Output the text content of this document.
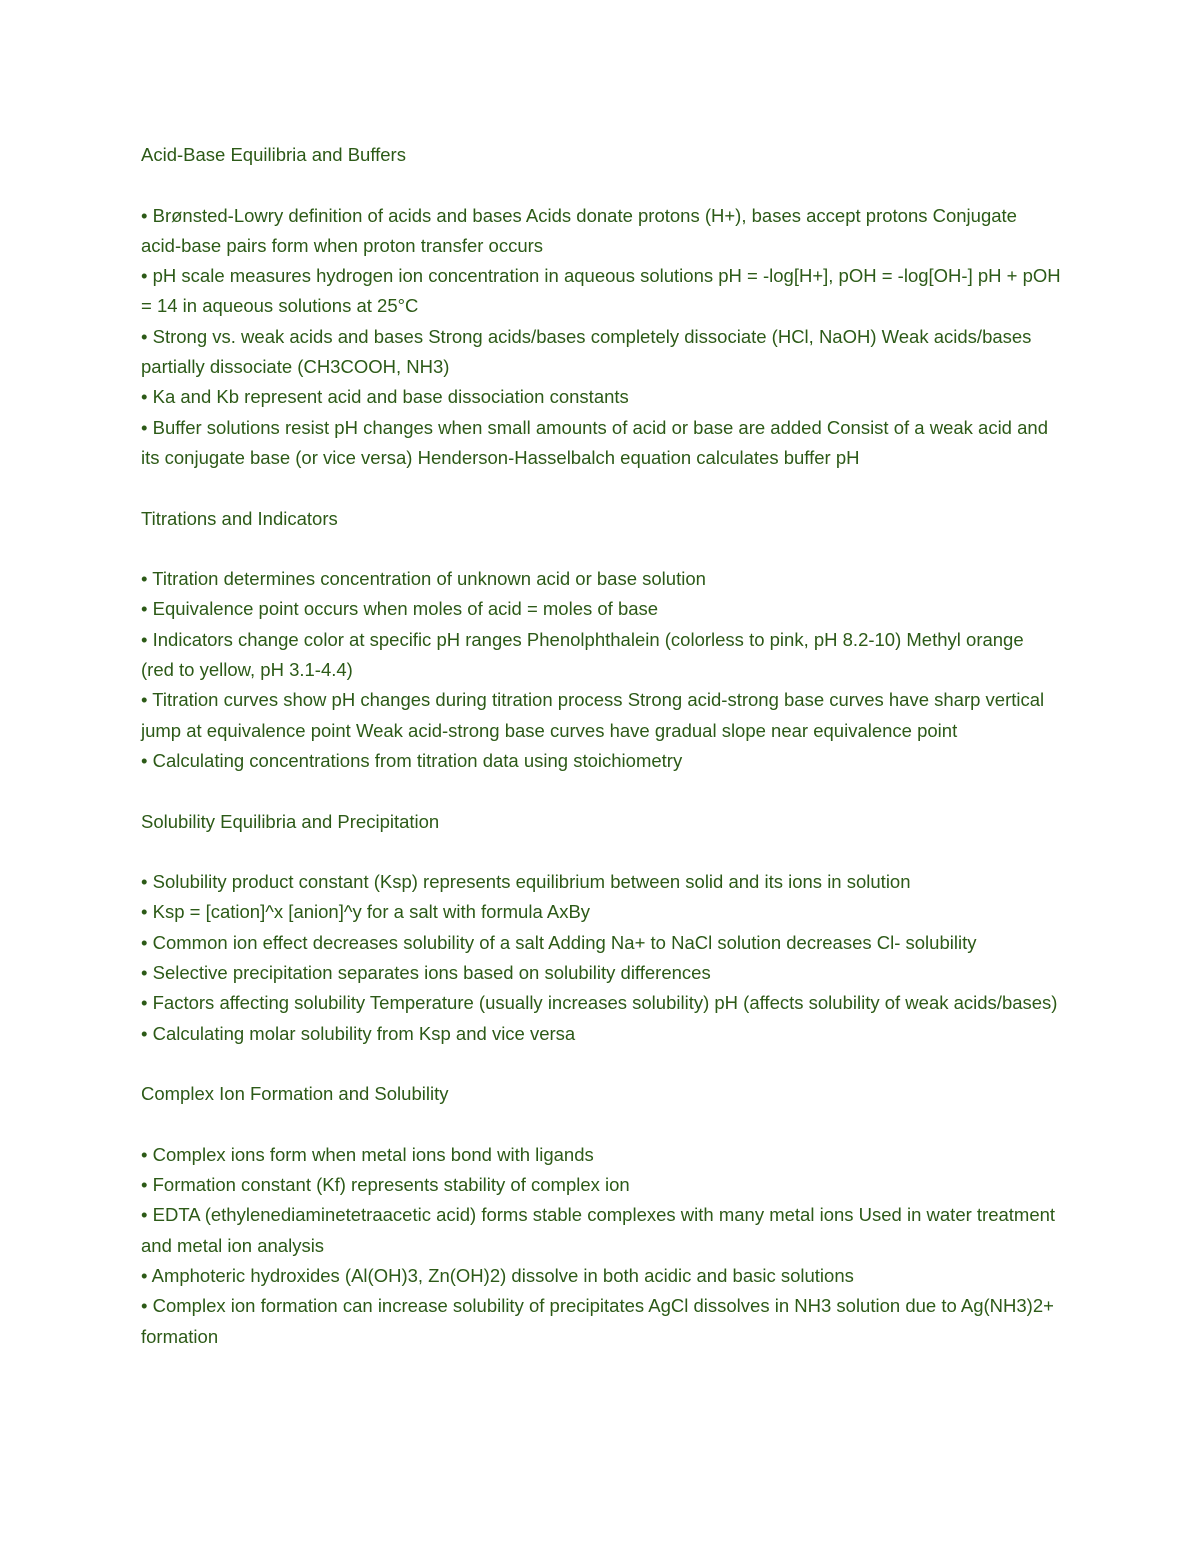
Acid-Base Equilibria and Buffers
• Brønsted-Lowry definition of acids and bases Acids donate protons (H+), bases accept protons Conjugate acid-base pairs form when proton transfer occurs
• pH scale measures hydrogen ion concentration in aqueous solutions pH = -log[H+], pOH = -log[OH-] pH + pOH = 14 in aqueous solutions at 25°C
• Strong vs. weak acids and bases Strong acids/bases completely dissociate (HCl, NaOH) Weak acids/bases partially dissociate (CH3COOH, NH3)
• Ka and Kb represent acid and base dissociation constants
• Buffer solutions resist pH changes when small amounts of acid or base are added Consist of a weak acid and its conjugate base (or vice versa) Henderson-Hasselbalch equation calculates buffer pH
Titrations and Indicators
• Titration determines concentration of unknown acid or base solution
• Equivalence point occurs when moles of acid = moles of base
• Indicators change color at specific pH ranges Phenolphthalein (colorless to pink, pH 8.2-10) Methyl orange (red to yellow, pH 3.1-4.4)
• Titration curves show pH changes during titration process Strong acid-strong base curves have sharp vertical jump at equivalence point Weak acid-strong base curves have gradual slope near equivalence point
• Calculating concentrations from titration data using stoichiometry
Solubility Equilibria and Precipitation
• Solubility product constant (Ksp) represents equilibrium between solid and its ions in solution
• Ksp = [cation]^x [anion]^y for a salt with formula AxBy
• Common ion effect decreases solubility of a salt Adding Na+ to NaCl solution decreases Cl- solubility
• Selective precipitation separates ions based on solubility differences
• Factors affecting solubility Temperature (usually increases solubility) pH (affects solubility of weak acids/bases)
• Calculating molar solubility from Ksp and vice versa
Complex Ion Formation and Solubility
• Complex ions form when metal ions bond with ligands
• Formation constant (Kf) represents stability of complex ion
• EDTA (ethylenediaminetetraacetic acid) forms stable complexes with many metal ions Used in water treatment and metal ion analysis
• Amphoteric hydroxides (Al(OH)3, Zn(OH)2) dissolve in both acidic and basic solutions
• Complex ion formation can increase solubility of precipitates AgCl dissolves in NH3 solution due to Ag(NH3)2+ formation
